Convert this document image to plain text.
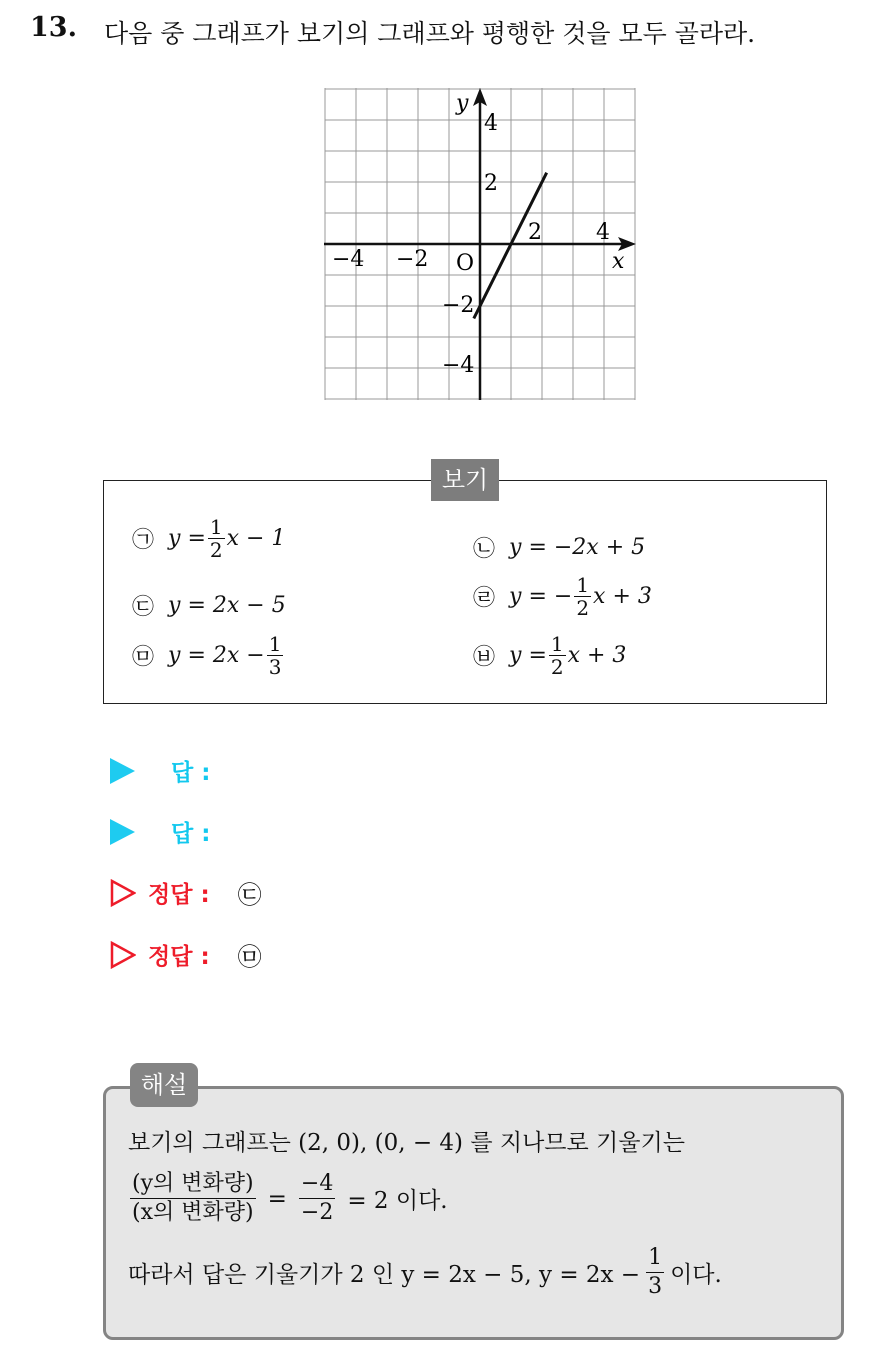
13. 다음 중 그래프가 보기의 그래프와 평행한 것을 모두 골라라.
y
x
O
−4 −2
2 4
4
2
−2
−4
보기
㉠ $y = \frac{1}{2}$ x − 1	㉡ y = −2x + 5
㉢ y = 2x − 5	㉣ y = − $\frac{1}{2}$ x + 3
㉤ $y = 2x - \frac{1}{3}$	㉥ $y = \frac{1}{2}$ x + 3
답 :
답 :
정답 : ㉢
정답 : ㉤
해설
보기의 그래프는 (2, 0), (0, − 4) 를 지나므로 기울기는
$\frac{\text{(y의 변화량)}}{\text{(x의 변화량)}} = \frac{-4}{-2} = 2$ 이다.
따라서 답은 기울기가 2 인 y = 2x − 5, $y = 2x - \frac{1}{3}$ 이다.
